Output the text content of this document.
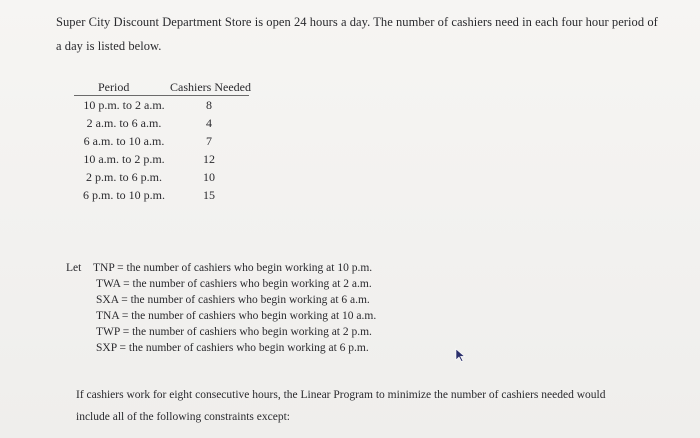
Super City Discount Department Store is open 24 hours a day. The number of cashiers need in each four hour period of
a day is listed below.
Period	Cashiers Needed
10 p.m. to 2 a.m.	8
2 a.m. to 6 a.m.	4
6 a.m. to 10 a.m.	7
10 a.m. to 2 p.m.	12
2 p.m. to 6 p.m.	10
6 p.m. to 10 p.m.	15
Let TNP = the number of cashiers who begin working at 10 p.m.
TWA = the number of cashiers who begin working at 2 a.m.
SXA = the number of cashiers who begin working at 6 a.m.
TNA = the number of cashiers who begin working at 10 a.m.
TWP = the number of cashiers who begin working at 2 p.m.
SXP = the number of cashiers who begin working at 6 p.m.
If cashiers work for eight consecutive hours, the Linear Program to minimize the number of cashiers needed would
include all of the following constraints except:
